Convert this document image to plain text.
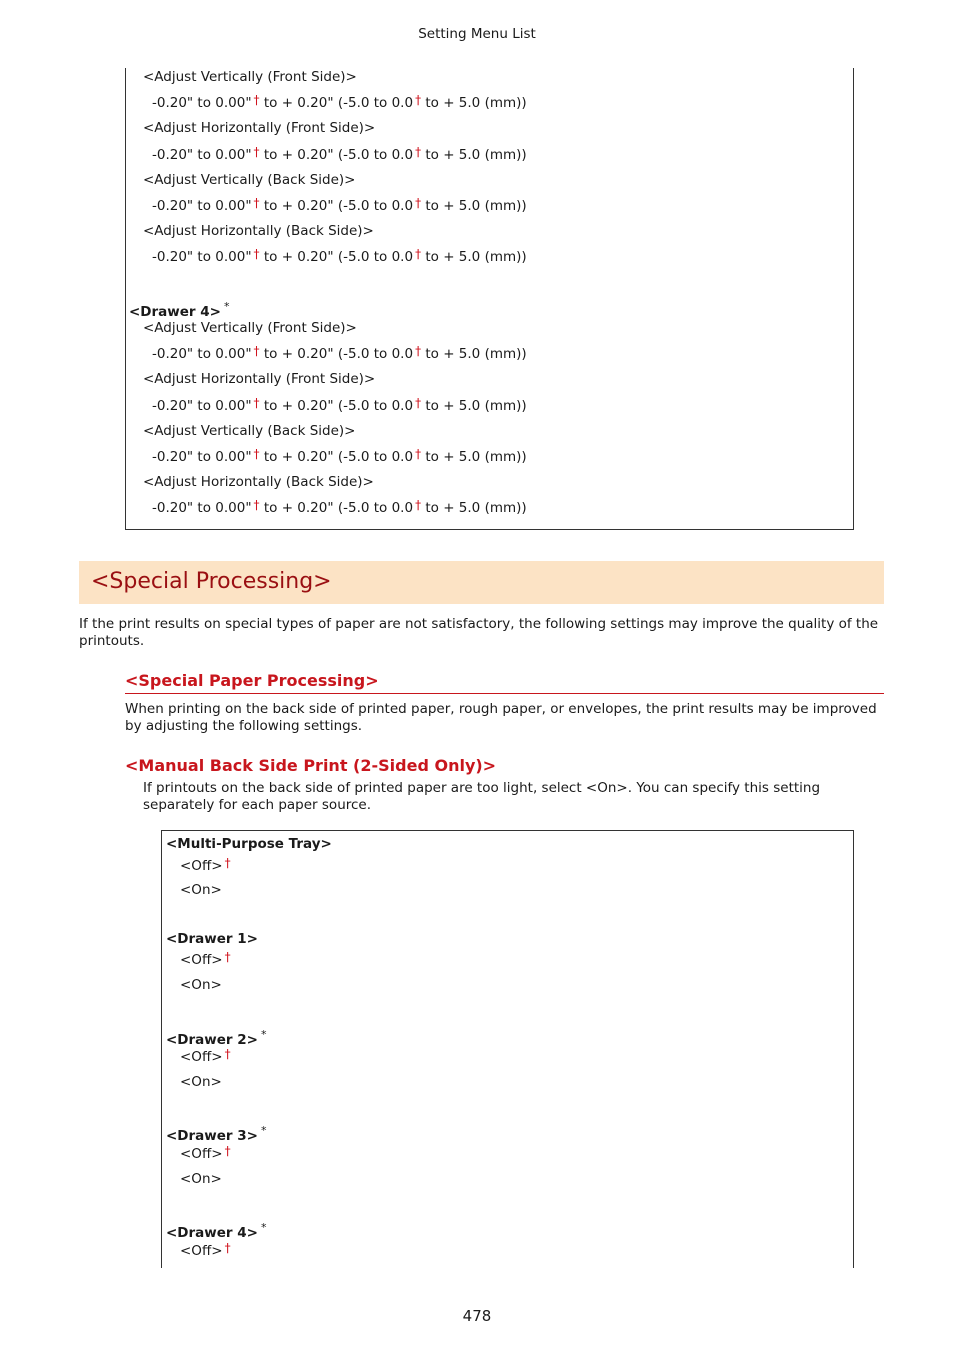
Setting Menu List
<Adjust Vertically (Front Side)>
-0.20" to 0.00" † to + 0.20" (-5.0 to 0.0 † to + 5.0 (mm))
<Adjust Horizontally (Front Side)>
-0.20" to 0.00" † to + 0.20" (-5.0 to 0.0 † to + 5.0 (mm))
<Adjust Vertically (Back Side)>
-0.20" to 0.00" † to + 0.20" (-5.0 to 0.0 † to + 5.0 (mm))
<Adjust Horizontally (Back Side)>
-0.20" to 0.00" † to + 0.20" (-5.0 to 0.0 † to + 5.0 (mm))
<Drawer 4> *
<Adjust Vertically (Front Side)>
-0.20" to 0.00" † to + 0.20" (-5.0 to 0.0 † to + 5.0 (mm))
<Adjust Horizontally (Front Side)>
-0.20" to 0.00" † to + 0.20" (-5.0 to 0.0 † to + 5.0 (mm))
<Adjust Vertically (Back Side)>
-0.20" to 0.00" † to + 0.20" (-5.0 to 0.0 † to + 5.0 (mm))
<Adjust Horizontally (Back Side)>
-0.20" to 0.00" † to + 0.20" (-5.0 to 0.0 † to + 5.0 (mm))
<Special Processing>
If the print results on special types of paper are not satisfactory, the following settings may improve the quality of the printouts.
<Special Paper Processing>
When printing on the back side of printed paper, rough paper, or envelopes, the print results may be improved by adjusting the following settings.
<Manual Back Side Print (2-Sided Only)>
If printouts on the back side of printed paper are too light, select <On>. You can specify this setting separately for each paper source.
<Multi-Purpose Tray>
<Off> †
<On>
<Drawer 1>
<Off> †
<On>
<Drawer 2> *
<Off> †
<On>
<Drawer 3> *
<Off> †
<On>
<Drawer 4> *
<Off> †
478
